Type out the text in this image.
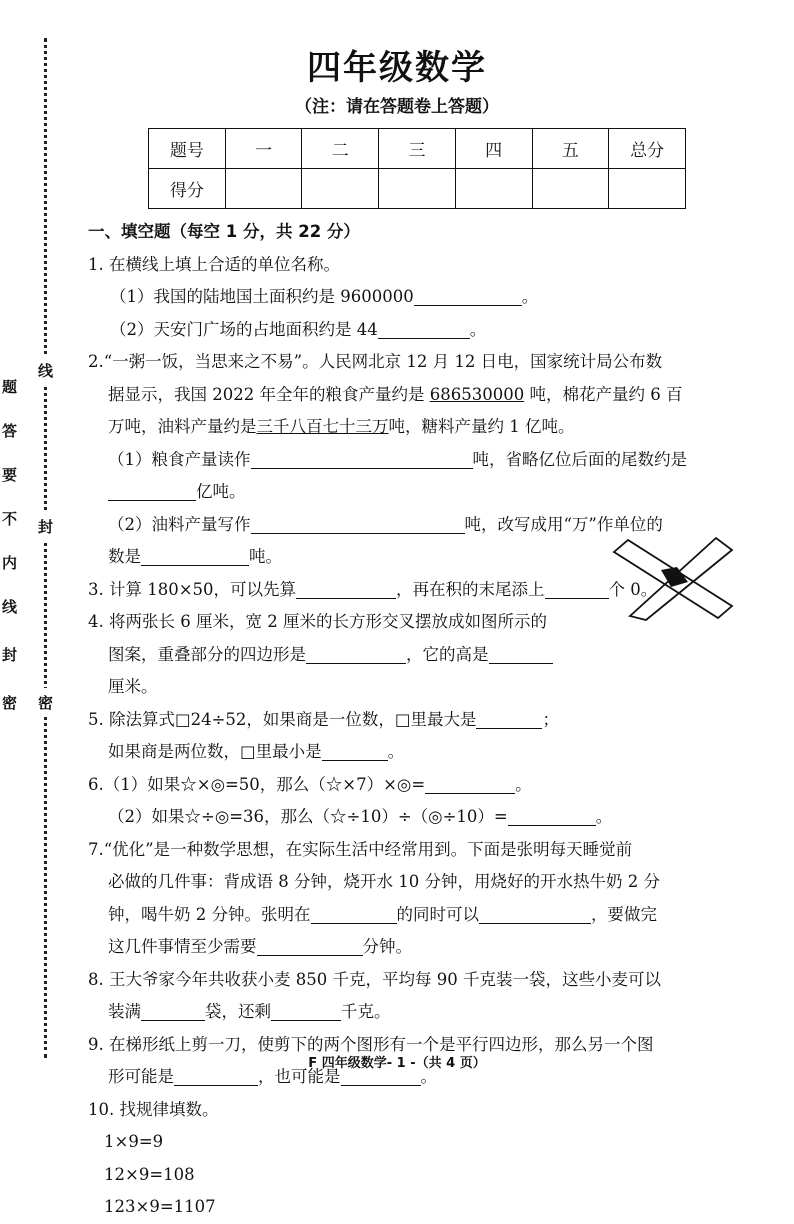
线
封
密
题
答
要
不
内
线
封
密
四年级数学
（注：请在答题卷上答题）
题号	一	二	三	四	五	总分
得分						
一、填空题（每空 1 分，共 22 分）
1. 在横线上填上合适的单位名称。
（1）我国的陆地国土面积约是 9600000	。
（2）天安门广场的占地面积约是 44	。
2.“一粥一饭，当思来之不易”。人民网北京 12 月 12 日电，国家统计局公布数
据显示，我国 2022 年全年的粮食产量约是 686530000 吨，棉花产量约 6 百
万吨，油料产量约是三千八百七十三万吨，糖料产量约 1 亿吨。
（1）粮食产量读作	吨，省略亿位后面的尾数约是
亿吨。
（2）油料产量写作	吨，改写成用“万”作单位的
数是	吨。
3. 计算 180×50，可以先算	，再在积的末尾添上	个 0。
4. 将两张长 6 厘米，宽 2 厘米的长方形交叉摆放成如图所示的
图案，重叠部分的四边形是	，它的高是
厘米。
5. 除法算式□24÷52，如果商是一位数，□里最大是	；
如果商是两位数，□里最小是	。
6.（1）如果☆×◎=50，那么（☆×7）×◎=	。
（2）如果☆÷◎=36，那么（☆÷10）÷（◎÷10）=	。
7.“优化”是一种数学思想，在实际生活中经常用到。下面是张明每天睡觉前
必做的几件事：背成语 8 分钟，烧开水 10 分钟，用烧好的开水热牛奶 2 分
钟，喝牛奶 2 分钟。张明在	的同时可以	，要做完
这几件事情至少需要	分钟。
8. 王大爷家今年共收获小麦 850 千克，平均每 90 千克装一袋，这些小麦可以
装满	袋，还剩	千克。
9. 在梯形纸上剪一刀，使剪下的两个图形有一个是平行四边形，那么另一个图
形可能是	，也可能是	。
10. 找规律填数。
1×9=9
12×9=108
123×9=1107
F 四年级数学- 1 -（共 4 页）
